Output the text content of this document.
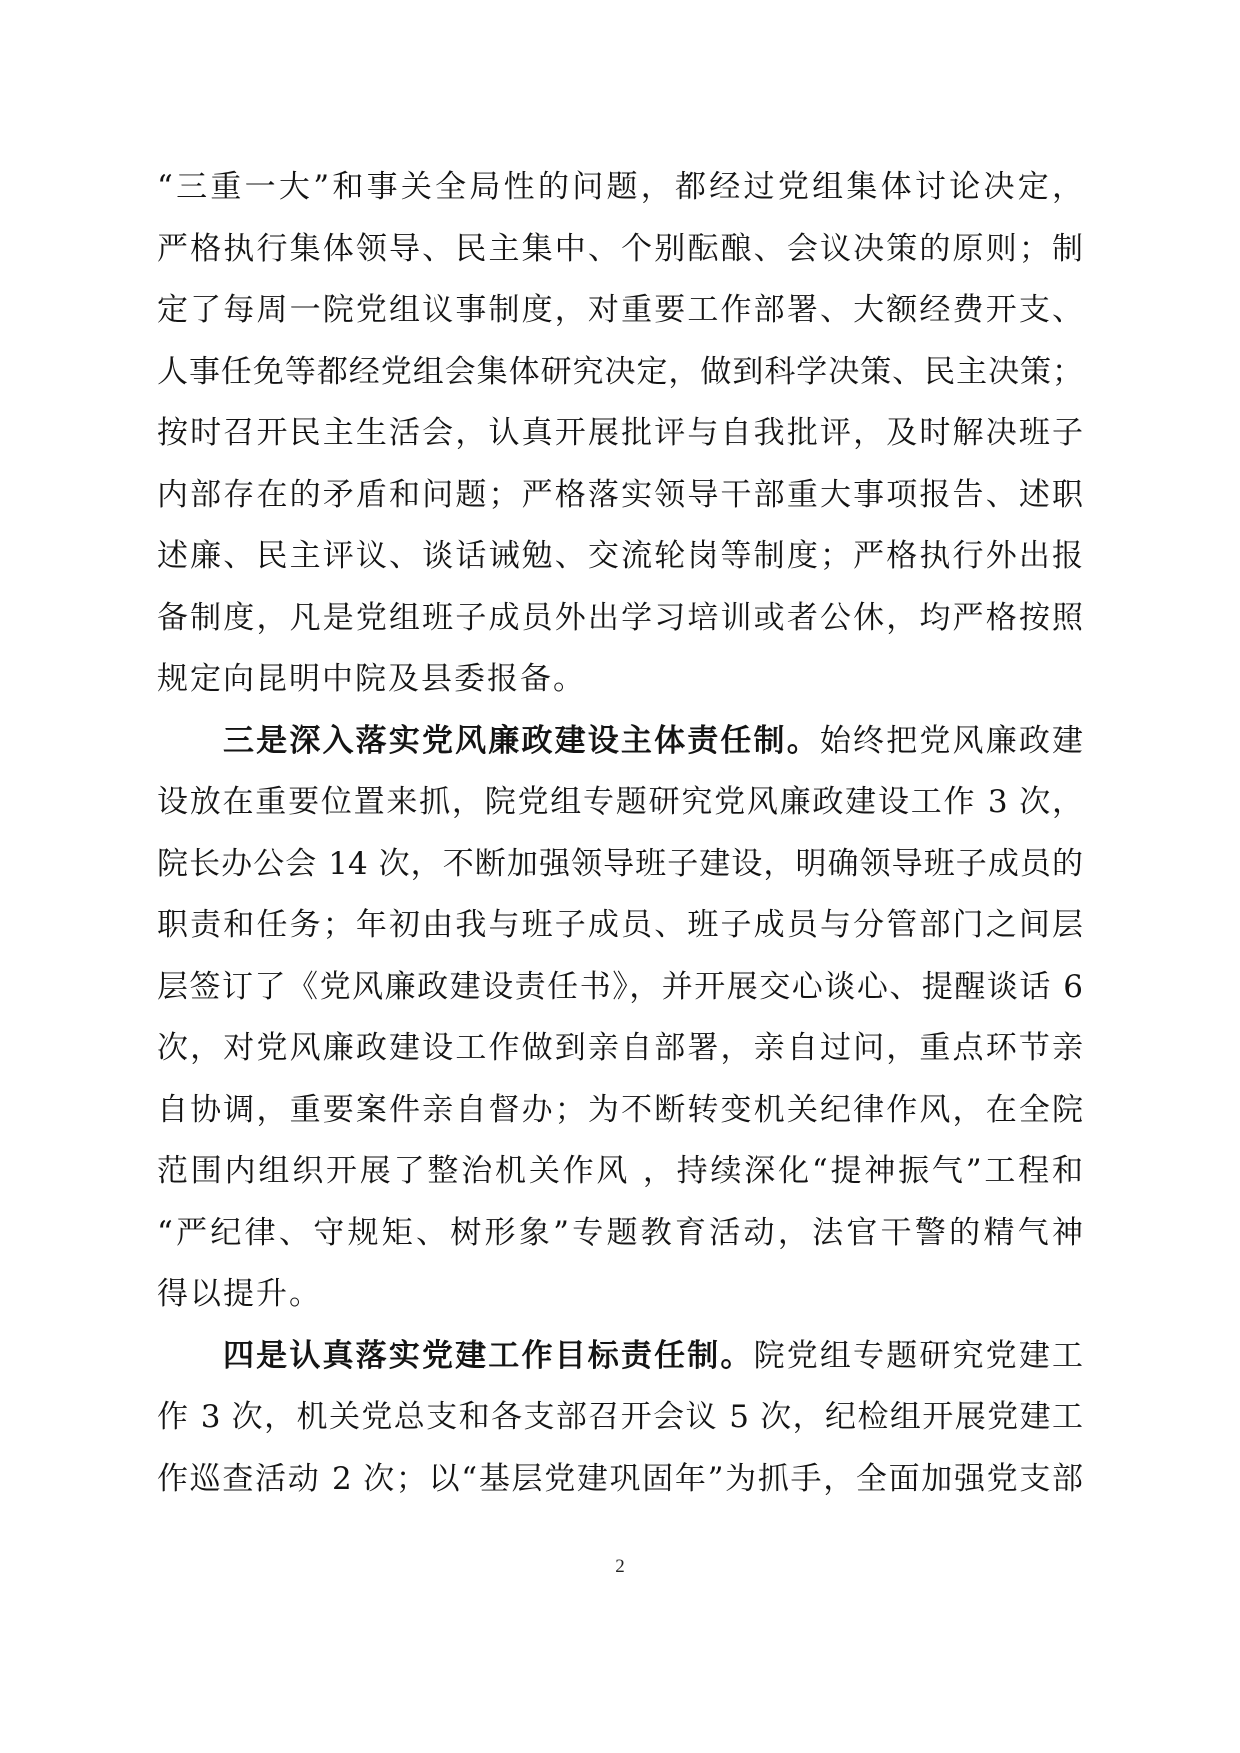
“三重一大”和事关全局性的问题，都经过党组集体讨论决定，
严格执行集体领导、民主集中、个别酝酿、会议决策的原则；制
定了每周一院党组议事制度，对重要工作部署、大额经费开支、
人事任免等都经党组会集体研究决定，做到科学决策、民主决策；
按时召开民主生活会，认真开展批评与自我批评，及时解决班子
内部存在的矛盾和问题；严格落实领导干部重大事项报告、述职
述廉、民主评议、谈话诫勉、交流轮岗等制度；严格执行外出报
备制度，凡是党组班子成员外出学习培训或者公休，均严格按照
规定向昆明中院及县委报备。
三是深入落实党风廉政建设主体责任制。始终把党风廉政建
设放在重要位置来抓，院党组专题研究党风廉政建设工作 3 次，
院长办公会 14 次，不断加强领导班子建设，明确领导班子成员的
职责和任务；年初由我与班子成员、班子成员与分管部门之间层
层签订了《党风廉政建设责任书》，并开展交心谈心、提醒谈话 6
次，对党风廉政建设工作做到亲自部署，亲自过问，重点环节亲
自协调，重要案件亲自督办；为不断转变机关纪律作风，在全院
范围内组织开展了整治机关作风 ，持续深化“提神振气”工程和
“严纪律、守规矩、树形象”专题教育活动，法官干警的精气神
得以提升。
四是认真落实党建工作目标责任制。院党组专题研究党建工
作 3 次，机关党总支和各支部召开会议 5 次，纪检组开展党建工
作巡查活动 2 次；以“基层党建巩固年”为抓手，全面加强党支部
2
